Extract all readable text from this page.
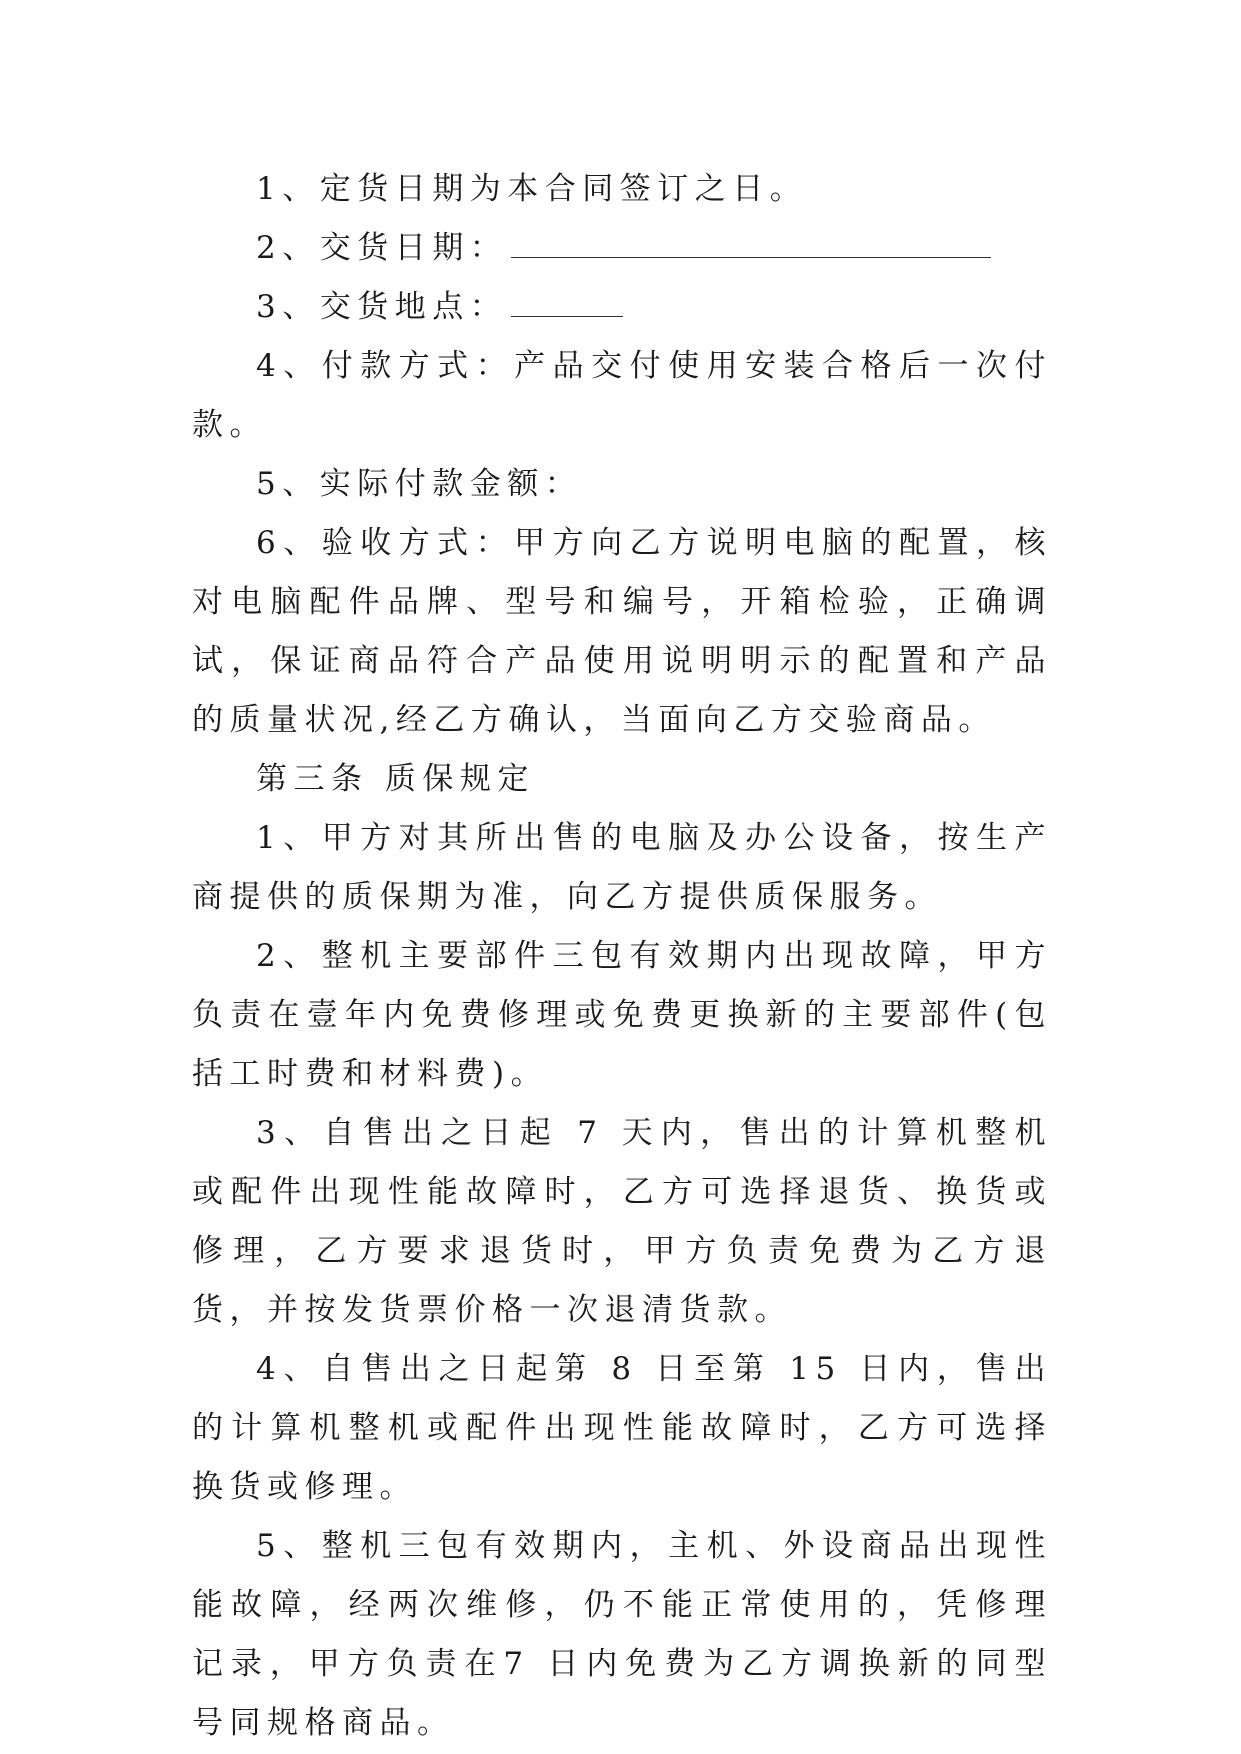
1、定货日期为本合同签订之日。

2、交货日期：

3、交货地点：

4、付款方式：产品交付使用安装合格后一次付款。

5、实际付款金额：

6、验收方式：甲方向乙方说明电脑的配置，核对电脑配件品牌、型号和编号，开箱检验，正确调试，保证商品符合产品使用说明明示的配置和产品的质量状况,经乙方确认，当面向乙方交验商品。

第三条 质保规定

1、甲方对其所出售的电脑及办公设备，按生产商提供的质保期为准，向乙方提供质保服务。

2、整机主要部件三包有效期内出现故障，甲方负责在壹年内免费修理或免费更换新的主要部件(包括工时费和材料费)。

3、自售出之日起 7 天内，售出的计算机整机或配件出现性能故障时，乙方可选择退货、换货或修理，乙方要求退货时，甲方负责免费为乙方退货，并按发货票价格一次退清货款。

4、自售出之日起第 8 日至第 15 日内，售出的计算机整机或配件出现性能故障时，乙方可选择换货或修理。

5、整机三包有效期内，主机、外设商品出现性能故障，经两次维修，仍不能正常使用的，凭修理记录，甲方负责在7 日内免费为乙方调换新的同型号同规格商品。
